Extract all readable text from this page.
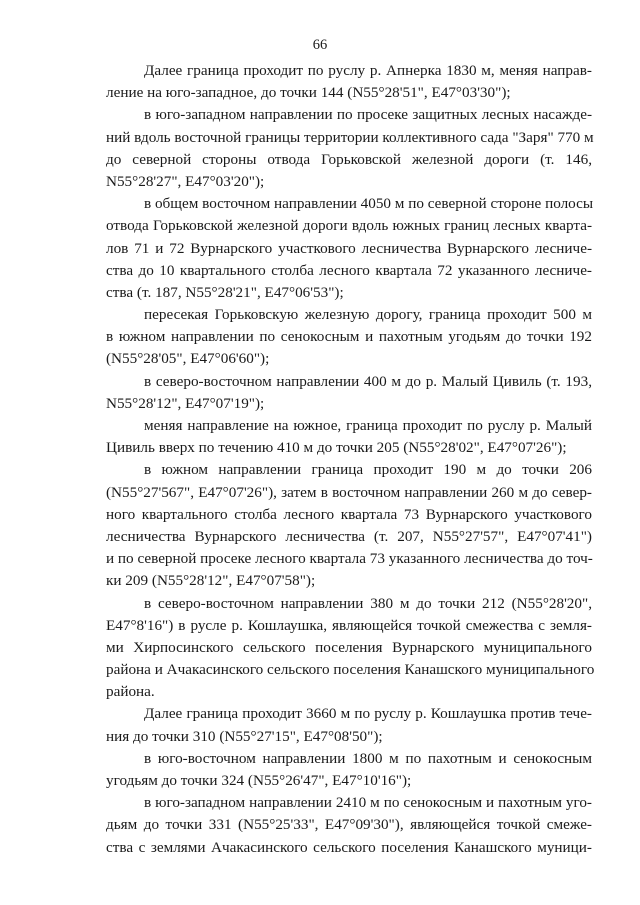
66
Далее граница проходит по руслу р. Апнерка 1830 м, меняя направ-
ление на юго-западное, до точки 144 (N55°28'51", E47°03'30");
в юго-западном направлении по просеке защитных лесных насажде-
ний вдоль восточной границы территории коллективного сада "Заря" 770 м
до северной стороны отвода Горьковской железной дороги (т. 146,
N55°28'27", E47°03'20");
в общем восточном направлении 4050 м по северной стороне полосы
отвода Горьковской железной дороги вдоль южных границ лесных кварта-
лов 71 и 72 Вурнарского участкового лесничества Вурнарского лесниче-
ства до 10 квартального столба лесного квартала 72 указанного лесниче-
ства (т. 187, N55°28'21", E47°06'53");
пересекая Горьковскую железную дорогу, граница проходит 500 м
в южном направлении по сенокосным и пахотным угодьям до точки 192
(N55°28'05", E47°06'60");
в северо-восточном направлении 400 м до р. Малый Цивиль (т. 193,
N55°28'12", E47°07'19");
меняя направление на южное, граница проходит по руслу р. Малый
Цивиль вверх по течению 410 м до точки 205 (N55°28'02", E47°07'26");
в южном направлении граница проходит 190 м до точки 206
(N55°27'567", E47°07'26"), затем в восточном направлении 260 м до север-
ного квартального столба лесного квартала 73 Вурнарского участкового
лесничества Вурнарского лесничества (т. 207, N55°27'57", E47°07'41")
и по северной просеке лесного квартала 73 указанного лесничества до точ-
ки 209 (N55°28'12", E47°07'58");
в северо-восточном направлении 380 м до точки 212 (N55°28'20",
E47°8'16") в русле р. Кошлаушка, являющейся точкой смежества с земля-
ми Хирпосинского сельского поселения Вурнарского муниципального
района и Ачакасинского сельского поселения Канашского муниципального
района.
Далее граница проходит 3660 м по руслу р. Кошлаушка против тече-
ния до точки 310 (N55°27'15", E47°08'50");
в юго-восточном направлении 1800 м по пахотным и сенокосным
угодьям до точки 324 (N55°26'47", E47°10'16");
в юго-западном направлении 2410 м по сенокосным и пахотным уго-
дьям до точки 331 (N55°25'33", E47°09'30"), являющейся точкой смеже-
ства с землями Ачакасинского сельского поселения Канашского муници-
